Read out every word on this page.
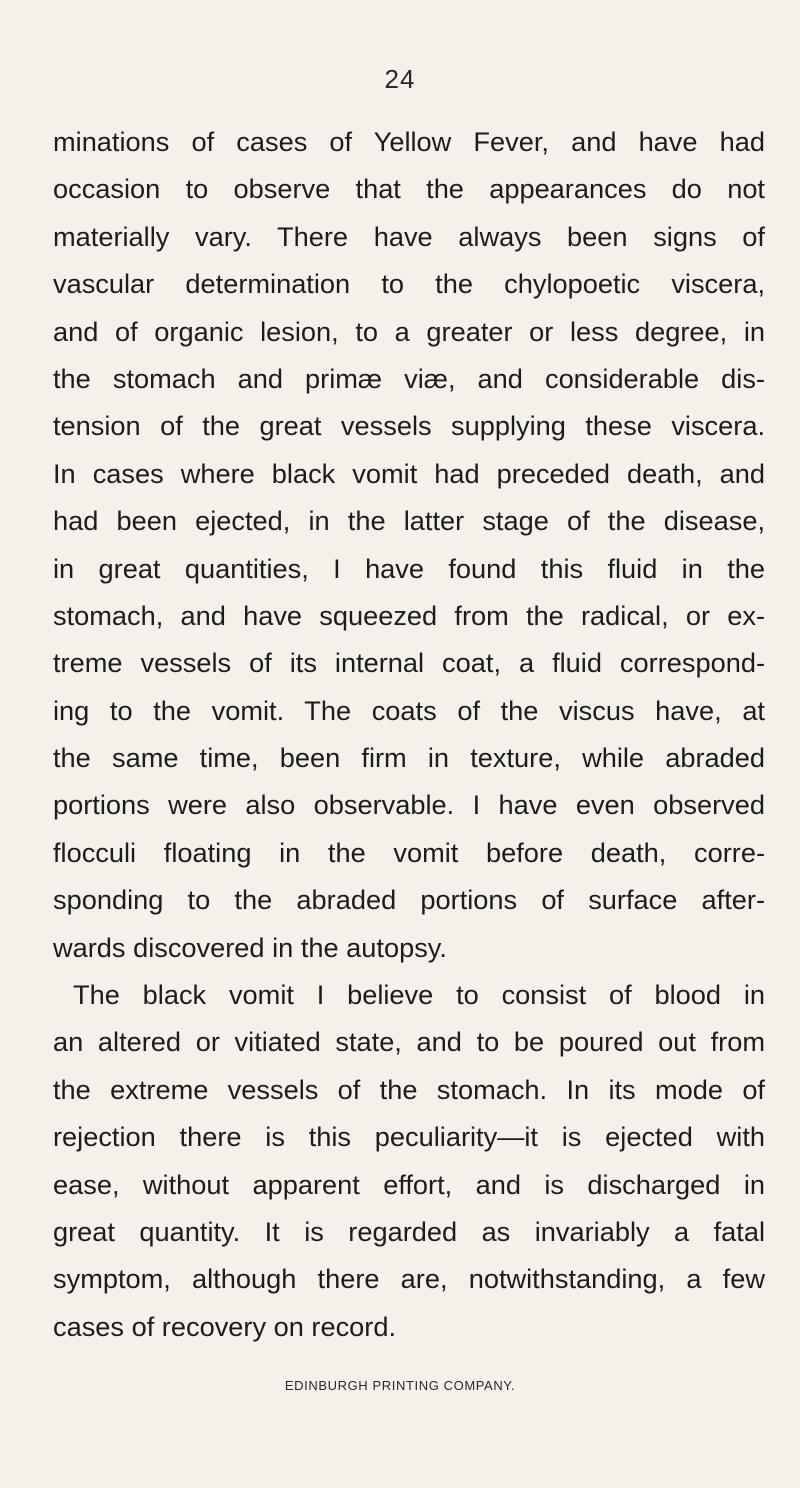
24
minations of cases of Yellow Fever, and have had
occasion to observe that the appearances do not
materially vary. There have always been signs of
vascular determination to the chylopoetic viscera,
and of organic lesion, to a greater or less degree, in
the stomach and primæ viæ, and considerable dis-
tension of the great vessels supplying these viscera.
In cases where black vomit had preceded death, and
had been ejected, in the latter stage of the disease,
in great quantities, I have found this fluid in the
stomach, and have squeezed from the radical, or ex-
treme vessels of its internal coat, a fluid correspond-
ing to the vomit. The coats of the viscus have, at
the same time, been firm in texture, while abraded
portions were also observable. I have even observed
flocculi floating in the vomit before death, corre-
sponding to the abraded portions of surface after-
wards discovered in the autopsy.
The black vomit I believe to consist of blood in
an altered or vitiated state, and to be poured out from
the extreme vessels of the stomach. In its mode of
rejection there is this peculiarity—it is ejected with
ease, without apparent effort, and is discharged in
great quantity. It is regarded as invariably a fatal
symptom, although there are, notwithstanding, a few
cases of recovery on record.
EDINBURGH PRINTING COMPANY.
